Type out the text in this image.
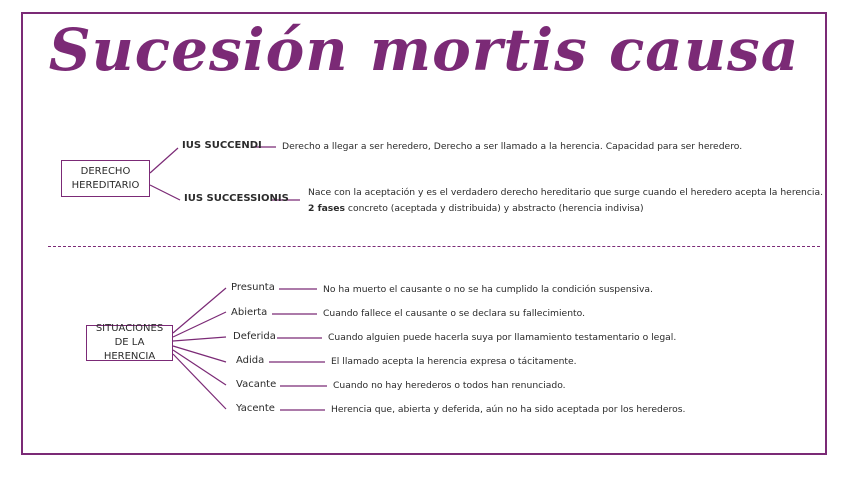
Sucesión mortis causa
DERECHO HEREDITARIO
IUS SUCCENDI Derecho a llegar a ser heredero, Derecho a ser llamado a la herencia. Capacidad para ser heredero.
IUS SUCCESSIONIS
Nace con la aceptación y es el verdadero derecho hereditario que surge cuando el heredero acepta la herencia.
2 fases concreto (aceptada y distribuida) y abstracto (herencia indivisa)
SITUACIONES DE LA HERENCIA
Presunta	No ha muerto el causante o no se ha cumplido la condición suspensiva.
Abierta	Cuando fallece el causante o se declara su fallecimiento.
Deferida	Cuando alguien puede hacerla suya por llamamiento testamentario o legal.
Adida	El llamado acepta la herencia expresa o tácitamente.
Vacante	Cuando no hay herederos o todos han renunciado.
Yacente	Herencia que, abierta y deferida, aún no ha sido aceptada por los herederos.
